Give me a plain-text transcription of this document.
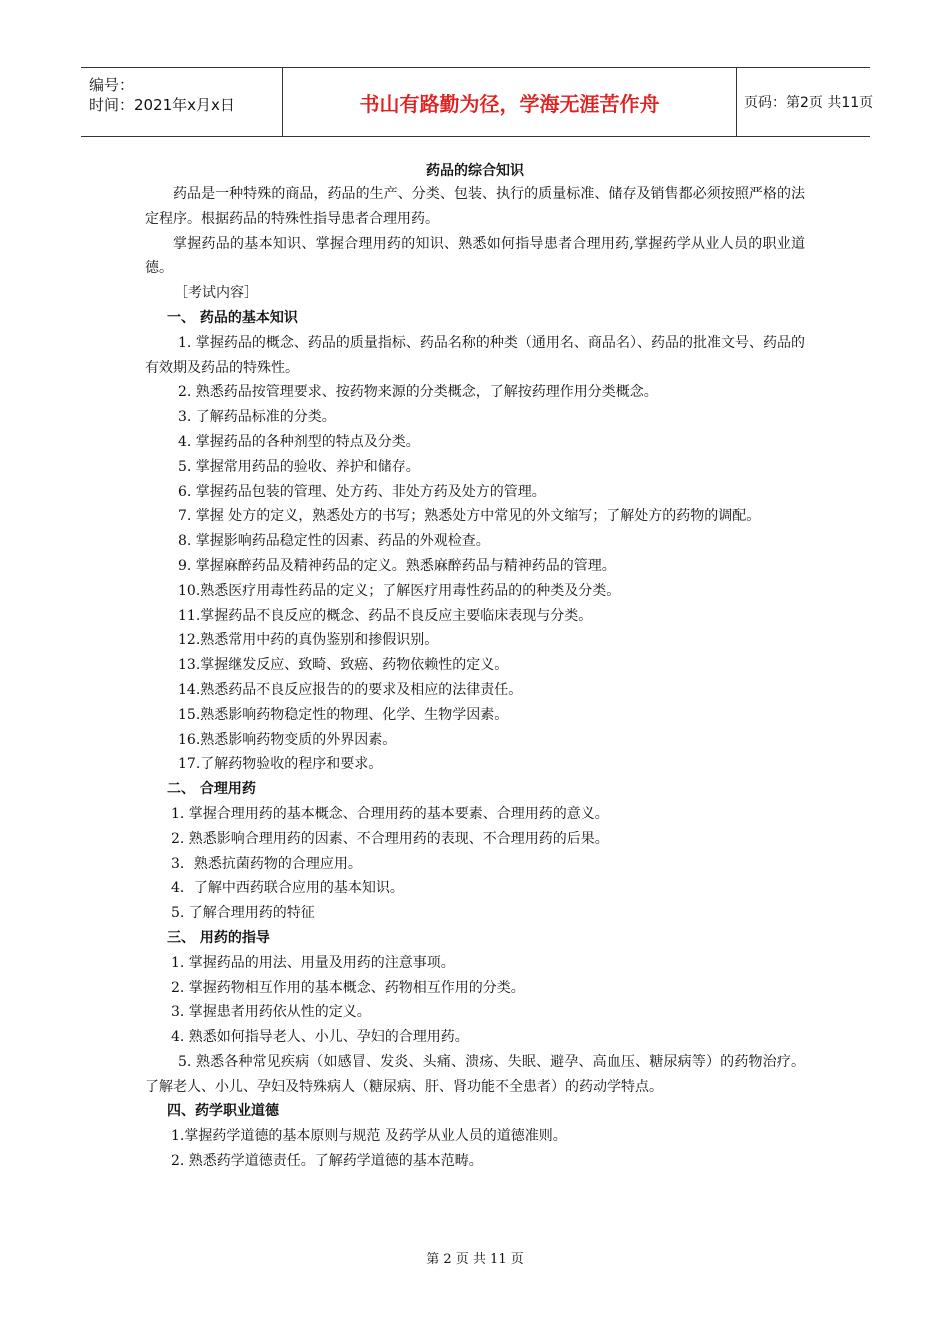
编号：
时间：2021年x月x日	书山有路勤为径，学海无涯苦作舟	页码：第2页 共11页
药品的综合知识
药品是一种特殊的商品，药品的生产、分类、包装、执行的质量标准、储存及销售都必须按照严格的法定程序。根据药品的特殊性指导患者合理用药。
掌握药品的基本知识、掌握合理用药的知识、熟悉如何指导患者合理用药,掌握药学从业人员的职业道德。
［考试内容］
一、 药品的基本知识
1. 掌握药品的概念、药品的质量指标、药品名称的种类（通用名、商品名）、药品的批准文号、药品的有效期及药品的特殊性。
2. 熟悉药品按管理要求、按药物来源的分类概念，了解按药理作用分类概念。
3. 了解药品标准的分类。
4. 掌握药品的各种剂型的特点及分类。
5. 掌握常用药品的验收、养护和储存。
6. 掌握药品包装的管理、处方药、非处方药及处方的管理。
7. 掌握 处方的定义，熟悉处方的书写；熟悉处方中常见的外文缩写；了解处方的药物的调配。
8. 掌握影响药品稳定性的因素、药品的外观检查。
9. 掌握麻醉药品及精神药品的定义。熟悉麻醉药品与精神药品的管理。
10.熟悉医疗用毒性药品的定义；了解医疗用毒性药品的的种类及分类。
11.掌握药品不良反应的概念、药品不良反应主要临床表现与分类。
12.熟悉常用中药的真伪鉴别和掺假识别。
13.掌握继发反应、致畸、致癌、药物依赖性的定义。
14.熟悉药品不良反应报告的的要求及相应的法律责任。
15.熟悉影响药物稳定性的物理、化学、生物学因素。
16.熟悉影响药物变质的外界因素。
17.了解药物验收的程序和要求。
二、 合理用药
1. 掌握合理用药的基本概念、合理用药的基本要素、合理用药的意义。
2. 熟悉影响合理用药的因素、不合理用药的表现、不合理用药的后果。
3．熟悉抗菌药物的合理应用。
4．了解中西药联合应用的基本知识。
5. 了解合理用药的特征
三、 用药的指导
1. 掌握药品的用法、用量及用药的注意事项。
2. 掌握药物相互作用的基本概念、药物相互作用的分类。
3. 掌握患者用药依从性的定义。
4. 熟悉如何指导老人、小儿、孕妇的合理用药。
5. 熟悉各种常见疾病（如感冒、发炎、头痛、溃疡、失眠、避孕、高血压、糖尿病等）的药物治疗。了解老人、小儿、孕妇及特殊病人（糖尿病、肝、肾功能不全患者）的药动学特点。
四、药学职业道德
1.掌握药学道德的基本原则与规范 及药学从业人员的道德准则。
2. 熟悉药学道德责任。了解药学道德的基本范畴。
第 2 页 共 11 页
